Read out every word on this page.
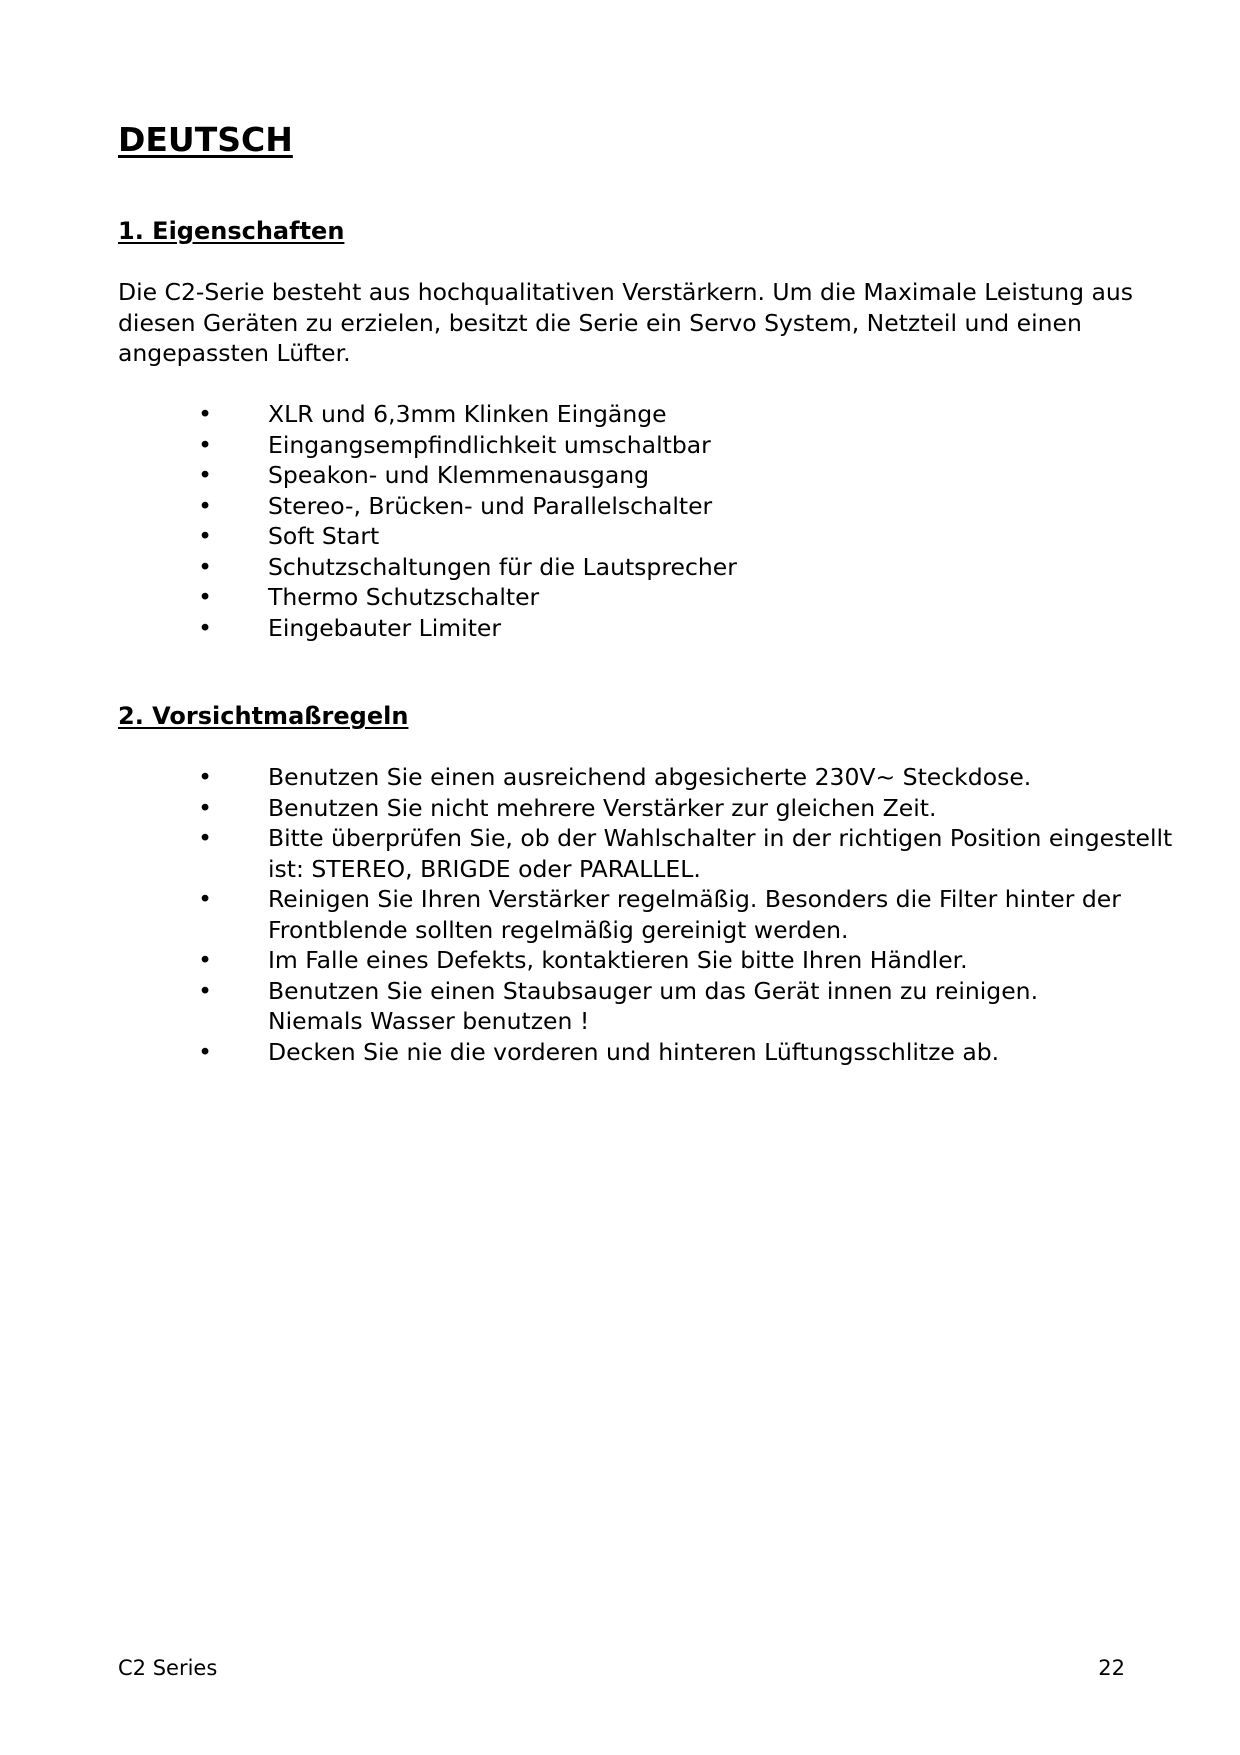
DEUTSCH
1. Eigenschaften

Die C2-Serie besteht aus hochqualitativen Verstärkern. Um die Maximale Leistung aus
diesen Geräten zu erzielen, besitzt die Serie ein Servo System, Netzteil und einen
angepassten Lüfter.

• XLR und 6,3mm Klinken Eingänge
• Eingangsempfindlichkeit umschaltbar
• Speakon- und Klemmenausgang
• Stereo-, Brücken- und Parallelschalter
• Soft Start
• Schutzschaltungen für die Lautsprecher
• Thermo Schutzschalter
• Eingebauter Limiter
2. Vorsichtmaßregeln
• Benutzen Sie einen ausreichend abgesicherte 230V~ Steckdose.
• Benutzen Sie nicht mehrere Verstärker zur gleichen Zeit.
• Bitte überprüfen Sie, ob der Wahlschalter in der richtigen Position eingestellt
ist: STEREO, BRIGDE oder PARALLEL.
• Reinigen Sie Ihren Verstärker regelmäßig. Besonders die Filter hinter der
Frontblende sollten regelmäßig gereinigt werden.
• Im Falle eines Defekts, kontaktieren Sie bitte Ihren Händler.
• Benutzen Sie einen Staubsauger um das Gerät innen zu reinigen.
Niemals Wasser benutzen !
• Decken Sie nie die vorderen und hinteren Lüftungsschlitze ab.
C2 Series	22
